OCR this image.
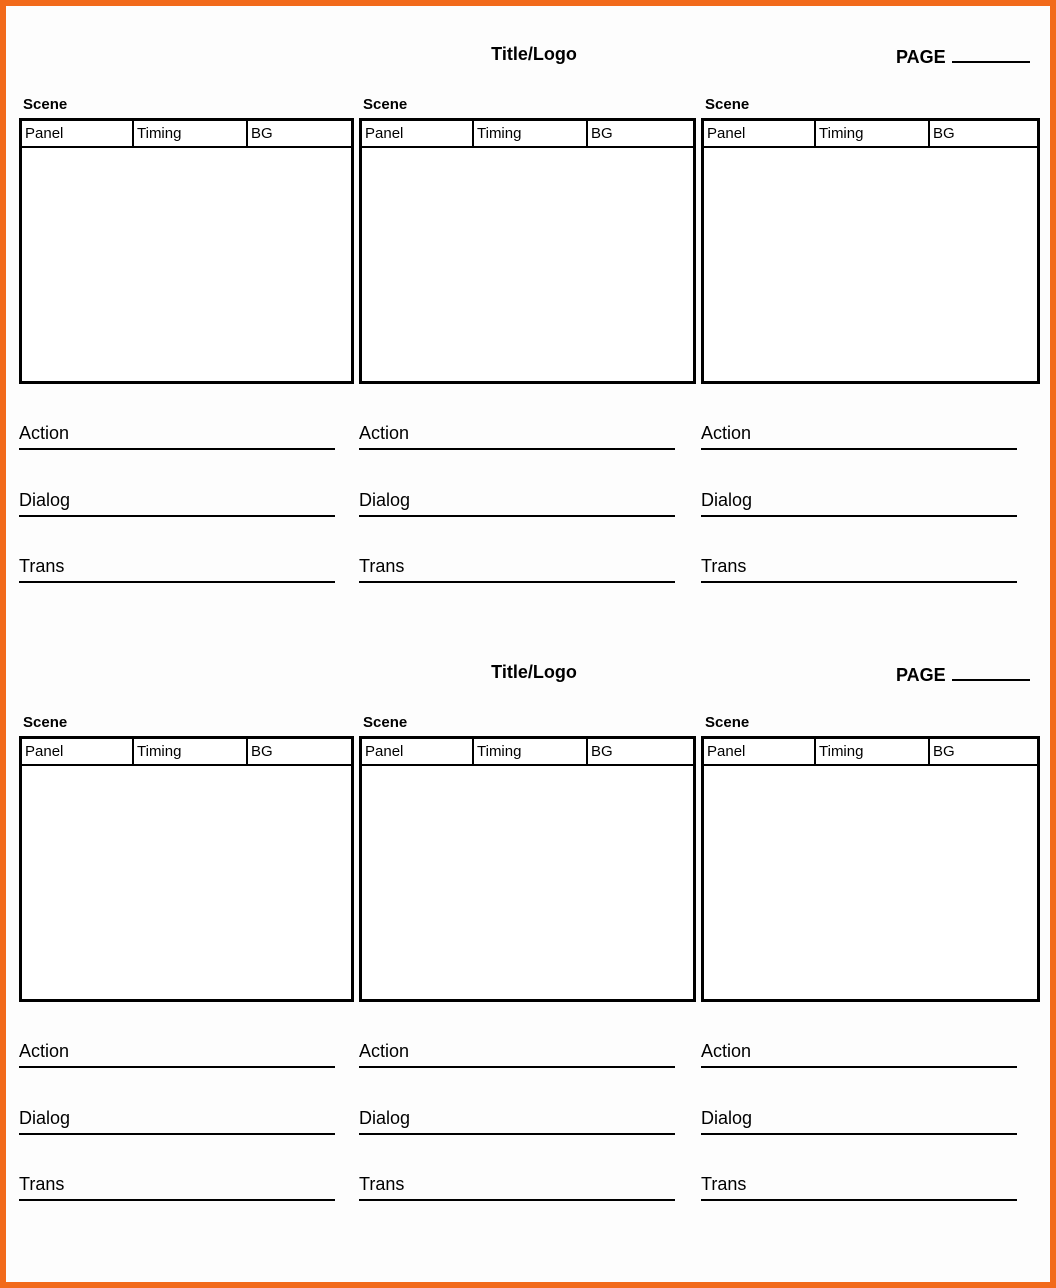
Title/Logo	PAGE
Scene
Panel	Timing	BG
Action
Dialog
Trans
Scene
Panel	Timing	BG
Action
Dialog
Trans
Scene
Panel	Timing	BG
Action
Dialog
Trans
Title/Logo	PAGE
Scene
Panel	Timing	BG
Action
Dialog
Trans
Scene
Panel	Timing	BG
Action
Dialog
Trans
Scene
Panel	Timing	BG
Action
Dialog
Trans
